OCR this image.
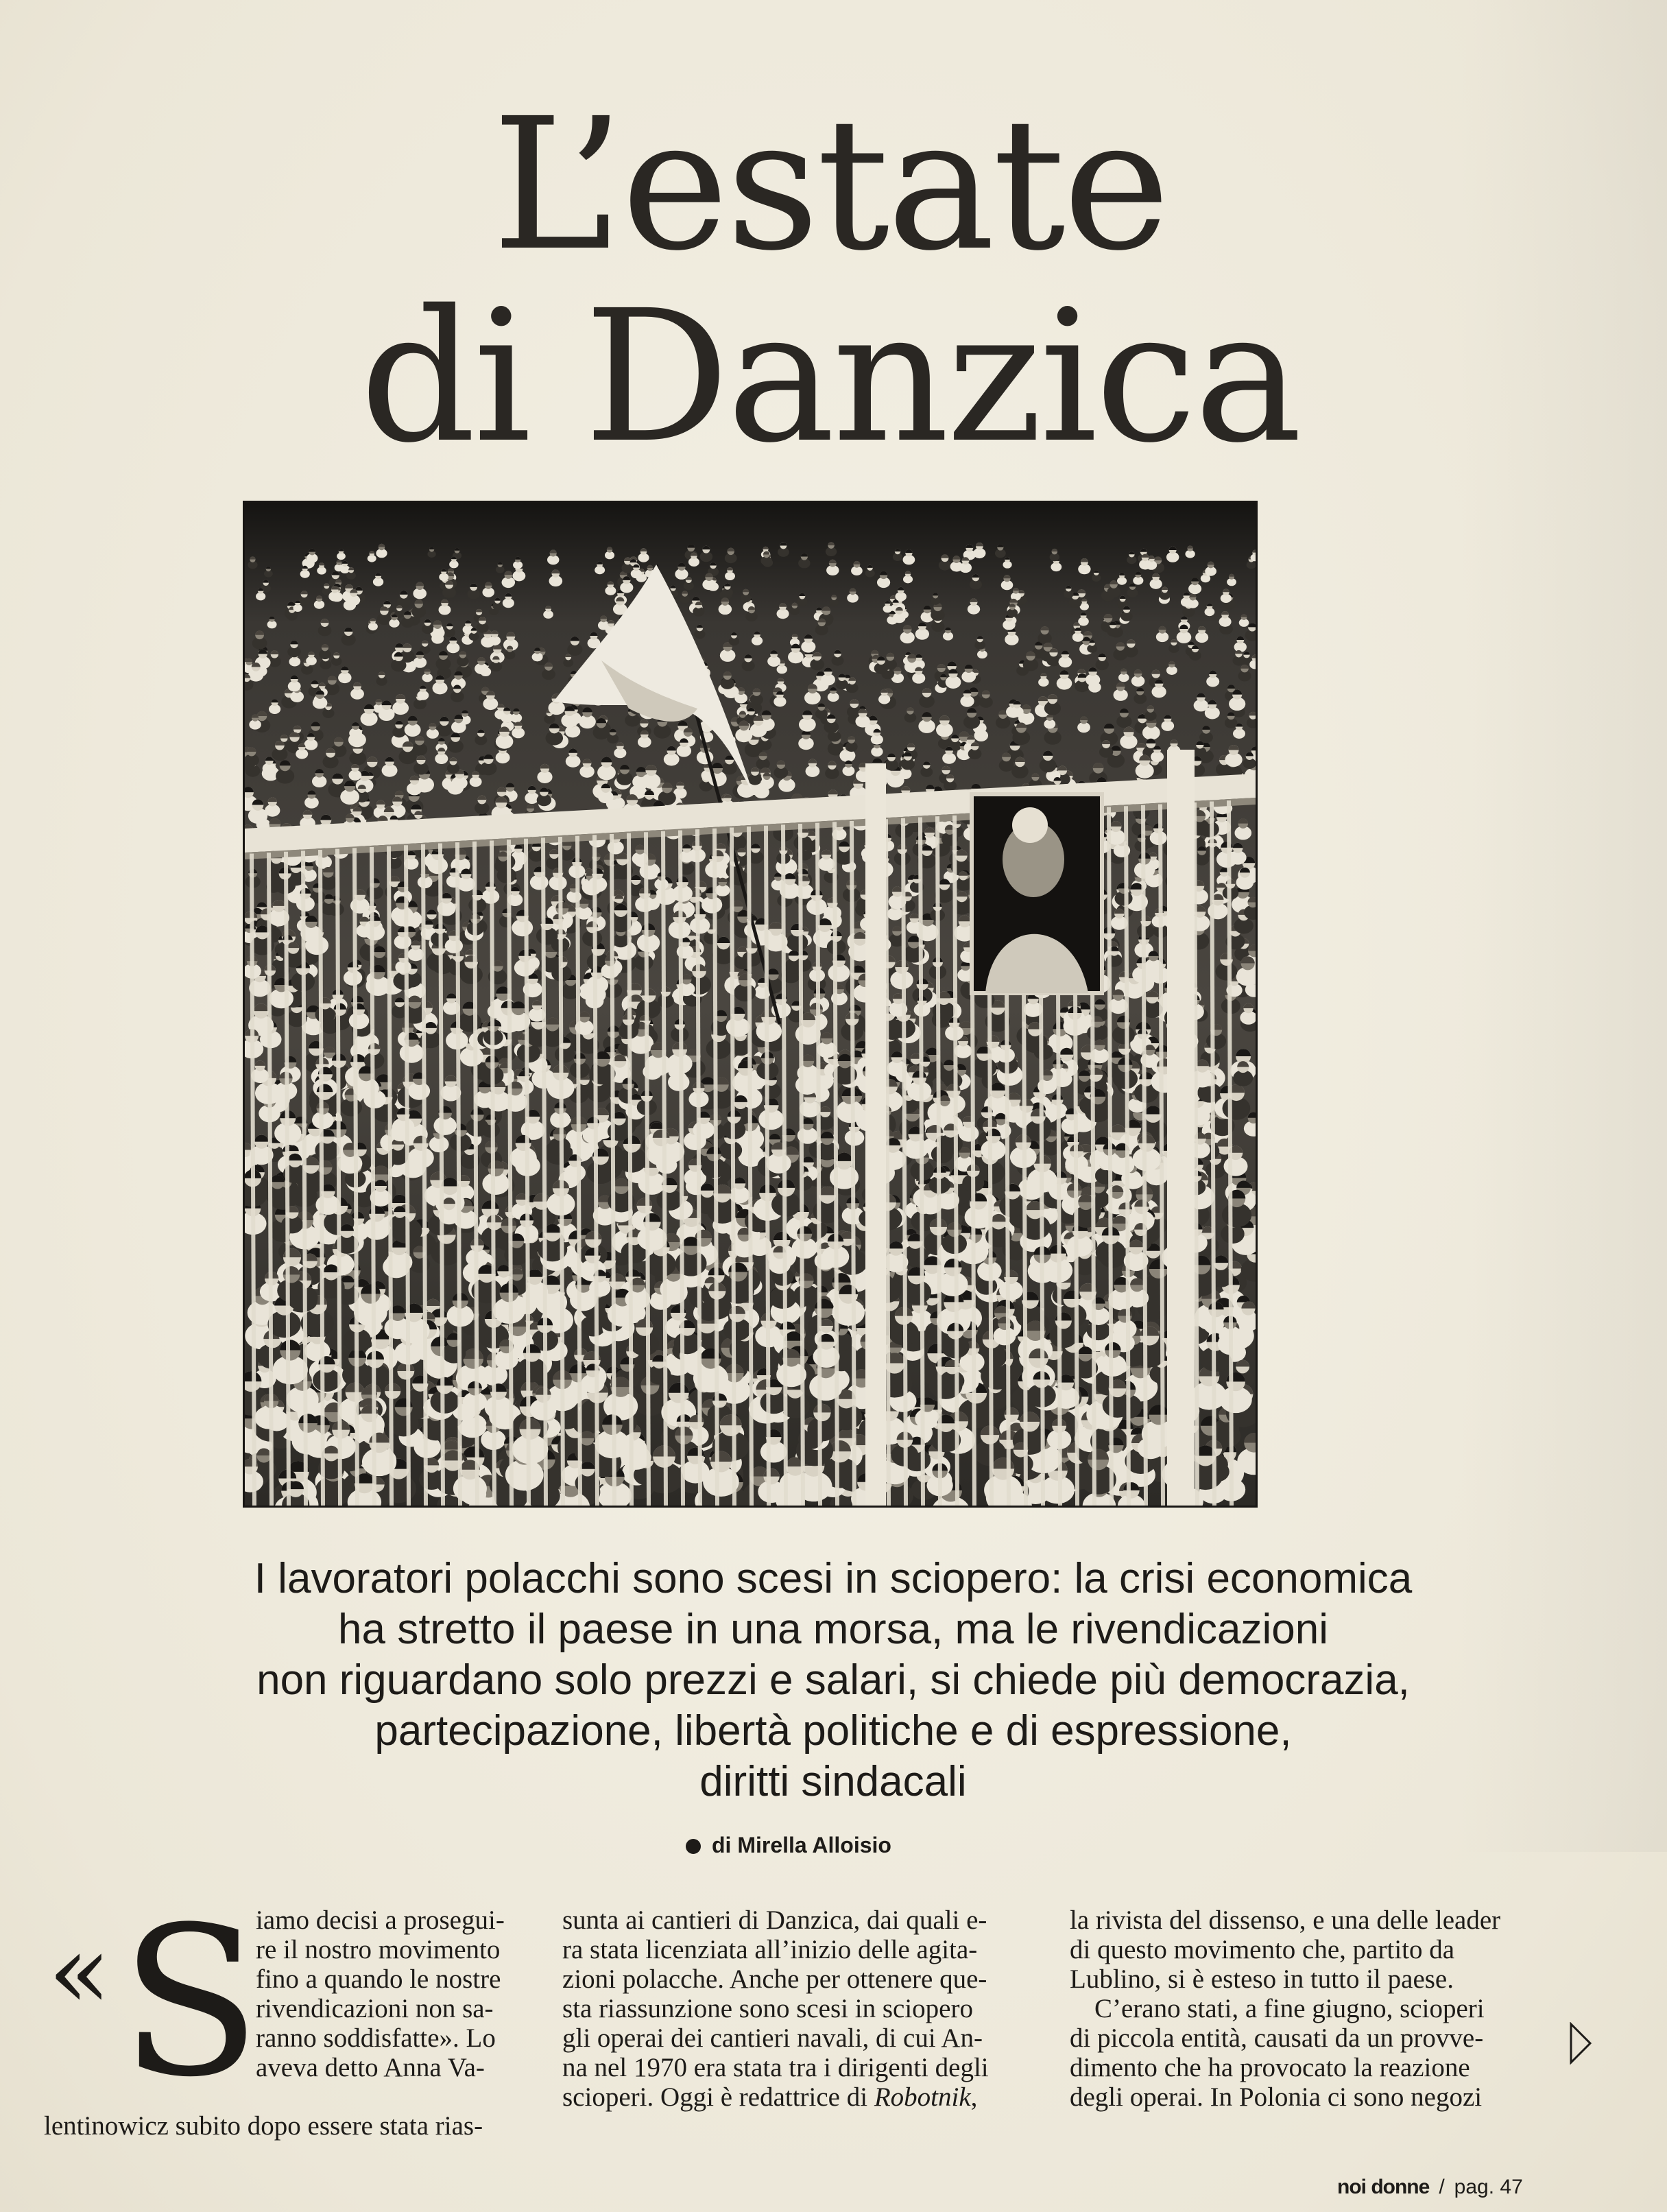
L’estate
di Danzica
I lavoratori polacchi sono scesi in sciopero: la crisi economica
ha stretto il paese in una morsa, ma le rivendicazioni
non riguardano solo prezzi e salari, si chiede più democrazia,
partecipazione, libertà politiche e di espressione,
diritti sindacali
di Mirella Alloisio
« S
iamo decisi a prosegui-
re il nostro movimento
fino a quando le nostre
rivendicazioni non sa-
ranno soddisfatte». Lo
aveva detto Anna Va-
lentinowicz subito dopo essere stata rias-
sunta ai cantieri di Danzica, dai quali e-
ra stata licenziata all’inizio delle agita-
zioni polacche. Anche per ottenere que-
sta riassunzione sono scesi in sciopero
gli operai dei cantieri navali, di cui An-
na nel 1970 era stata tra i dirigenti degli
scioperi. Oggi è redattrice di Robotnik,
la rivista del dissenso, e una delle leader
di questo movimento che, partito da
Lublino, si è esteso in tutto il paese.
C’erano stati, a fine giugno, scioperi
di piccola entità, causati da un provve-
dimento che ha provocato la reazione
degli operai. In Polonia ci sono negozi
noi donne / pag. 47
